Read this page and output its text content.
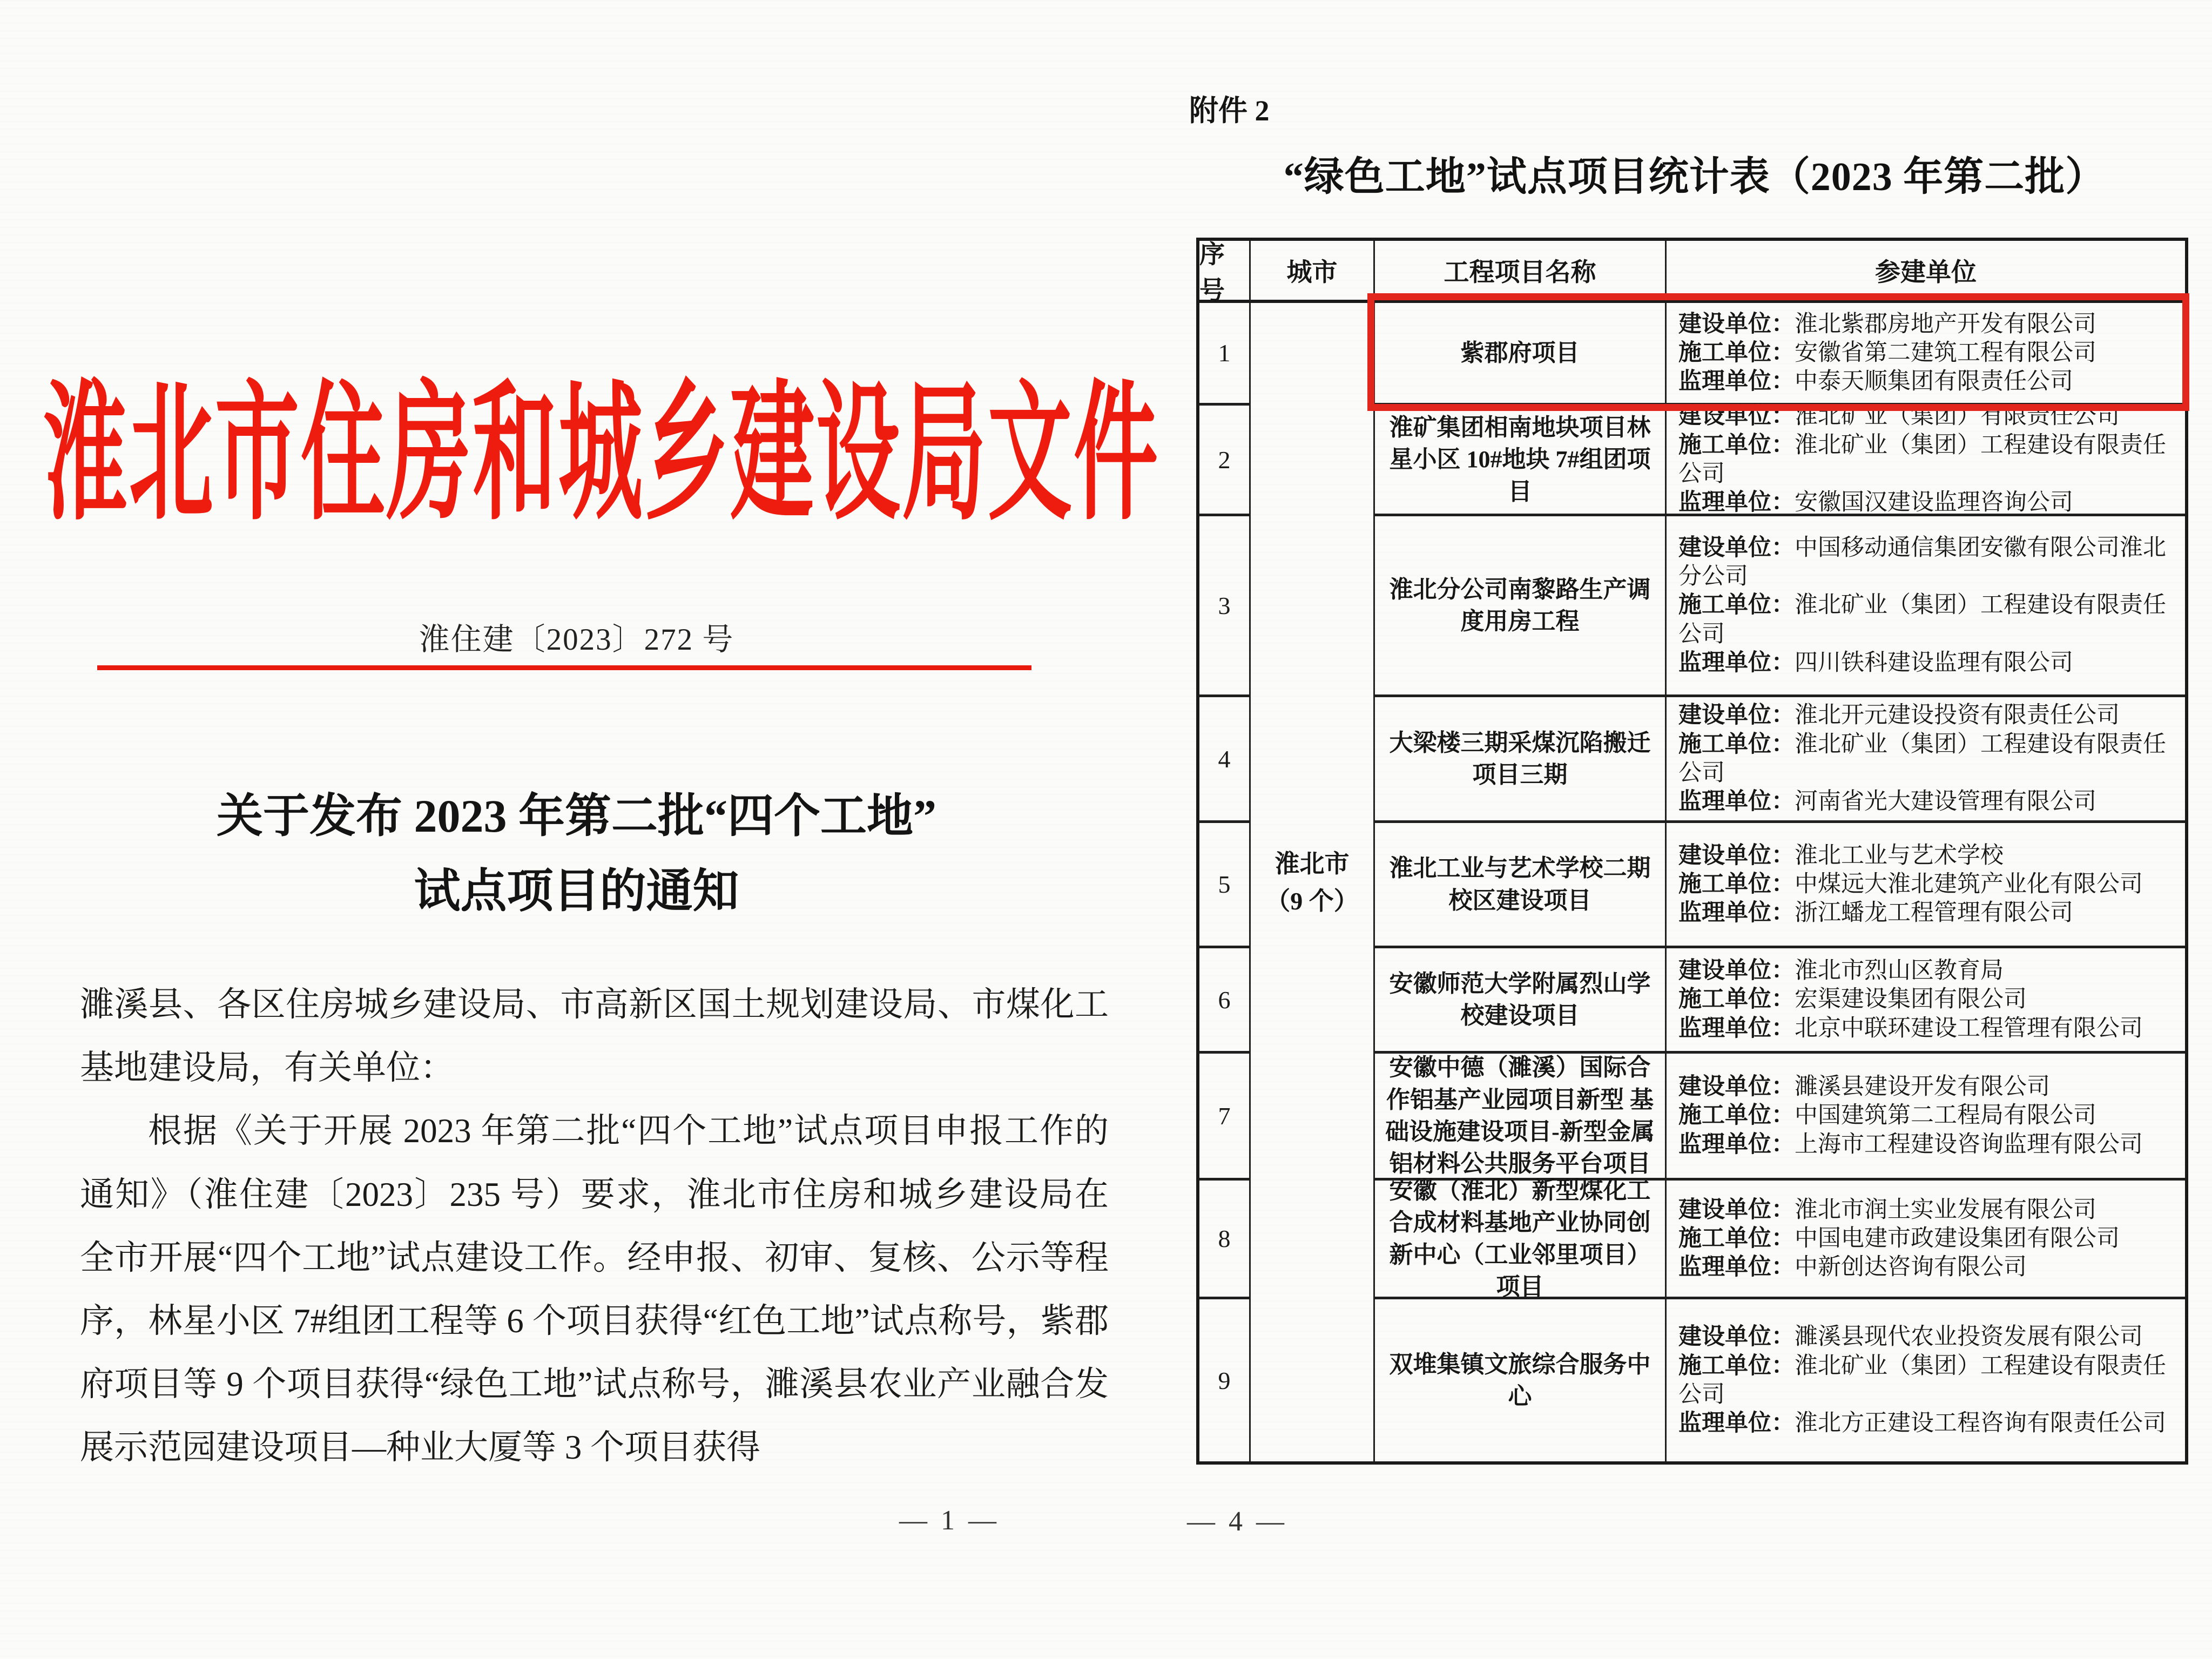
淮北市住房和城乡建设局文件
淮住建〔2023〕272 号
关于发布 2023 年第二批“四个工地”
试点项目的通知

濉溪县、各区住房城乡建设局、市高新区国土规划建设局、市煤化工基地建设局，有关单位：

根据《关于开展 2023 年第二批“四个工地”试点项目申报工作的通知》（淮住建〔2023〕235 号）要求，淮北市住房和城乡建设局在全市开展“四个工地”试点建设工作。经申报、初审、复核、公示等程序，林星小区 7#组团工程等 6 个项目获得“红色工地”试点称号，紫郡府项目等 9 个项目获得“绿色工地”试点称号，濉溪县农业产业融合发展示范园建设项目—种业大厦等 3 个项目获得

— 1 —
附件 2
“绿色工地”试点项目统计表（2023 年第二批）
序号
城市	工程项目名称	参建单位
1
淮北市
（9 个）
紫郡府项目
建设单位：淮北紫郡房地产开发有限公司
施工单位：安徽省第二建筑工程有限公司
监理单位：中泰天顺集团有限责任公司
2
淮矿集团相南地块项目林星小区 10#地块 7#组团项目
建设单位：淮北矿业（集团）有限责任公司
施工单位：淮北矿业（集团）工程建设有限责任公司
监理单位：安徽国汉建设监理咨询公司
3
淮北分公司南黎路生产调度用房工程
建设单位：中国移动通信集团安徽有限公司淮北分公司
施工单位：淮北矿业（集团）工程建设有限责任公司
监理单位：四川铁科建设监理有限公司
4
大梁楼三期采煤沉陷搬迁项目三期
建设单位：淮北开元建设投资有限责任公司
施工单位：淮北矿业（集团）工程建设有限责任公司
监理单位：河南省光大建设管理有限公司
5
淮北工业与艺术学校二期校区建设项目
建设单位：淮北工业与艺术学校
施工单位：中煤远大淮北建筑产业化有限公司
监理单位：浙江蟠龙工程管理有限公司
6
安徽师范大学附属烈山学校建设项目
建设单位：淮北市烈山区教育局
施工单位：宏渠建设集团有限公司
监理单位：北京中联环建设工程管理有限公司
7
安徽中德（濉溪）国际合作铝基产业园项目新型 基础设施建设项目-新型金属铝材料公共服务平台项目
建设单位：濉溪县建设开发有限公司
施工单位：中国建筑第二工程局有限公司
监理单位：上海市工程建设咨询监理有限公司
8
安徽（淮北）新型煤化工合成材料基地产业协同创新中心（工业邻里项目）项目
建设单位：淮北市润土实业发展有限公司
施工单位：中国电建市政建设集团有限公司
监理单位：中新创达咨询有限公司
9
双堆集镇文旅综合服务中心
建设单位：濉溪县现代农业投资发展有限公司
施工单位：淮北矿业（集团）工程建设有限责任公司
监理单位：淮北方正建设工程咨询有限责任公司
— 4 —
